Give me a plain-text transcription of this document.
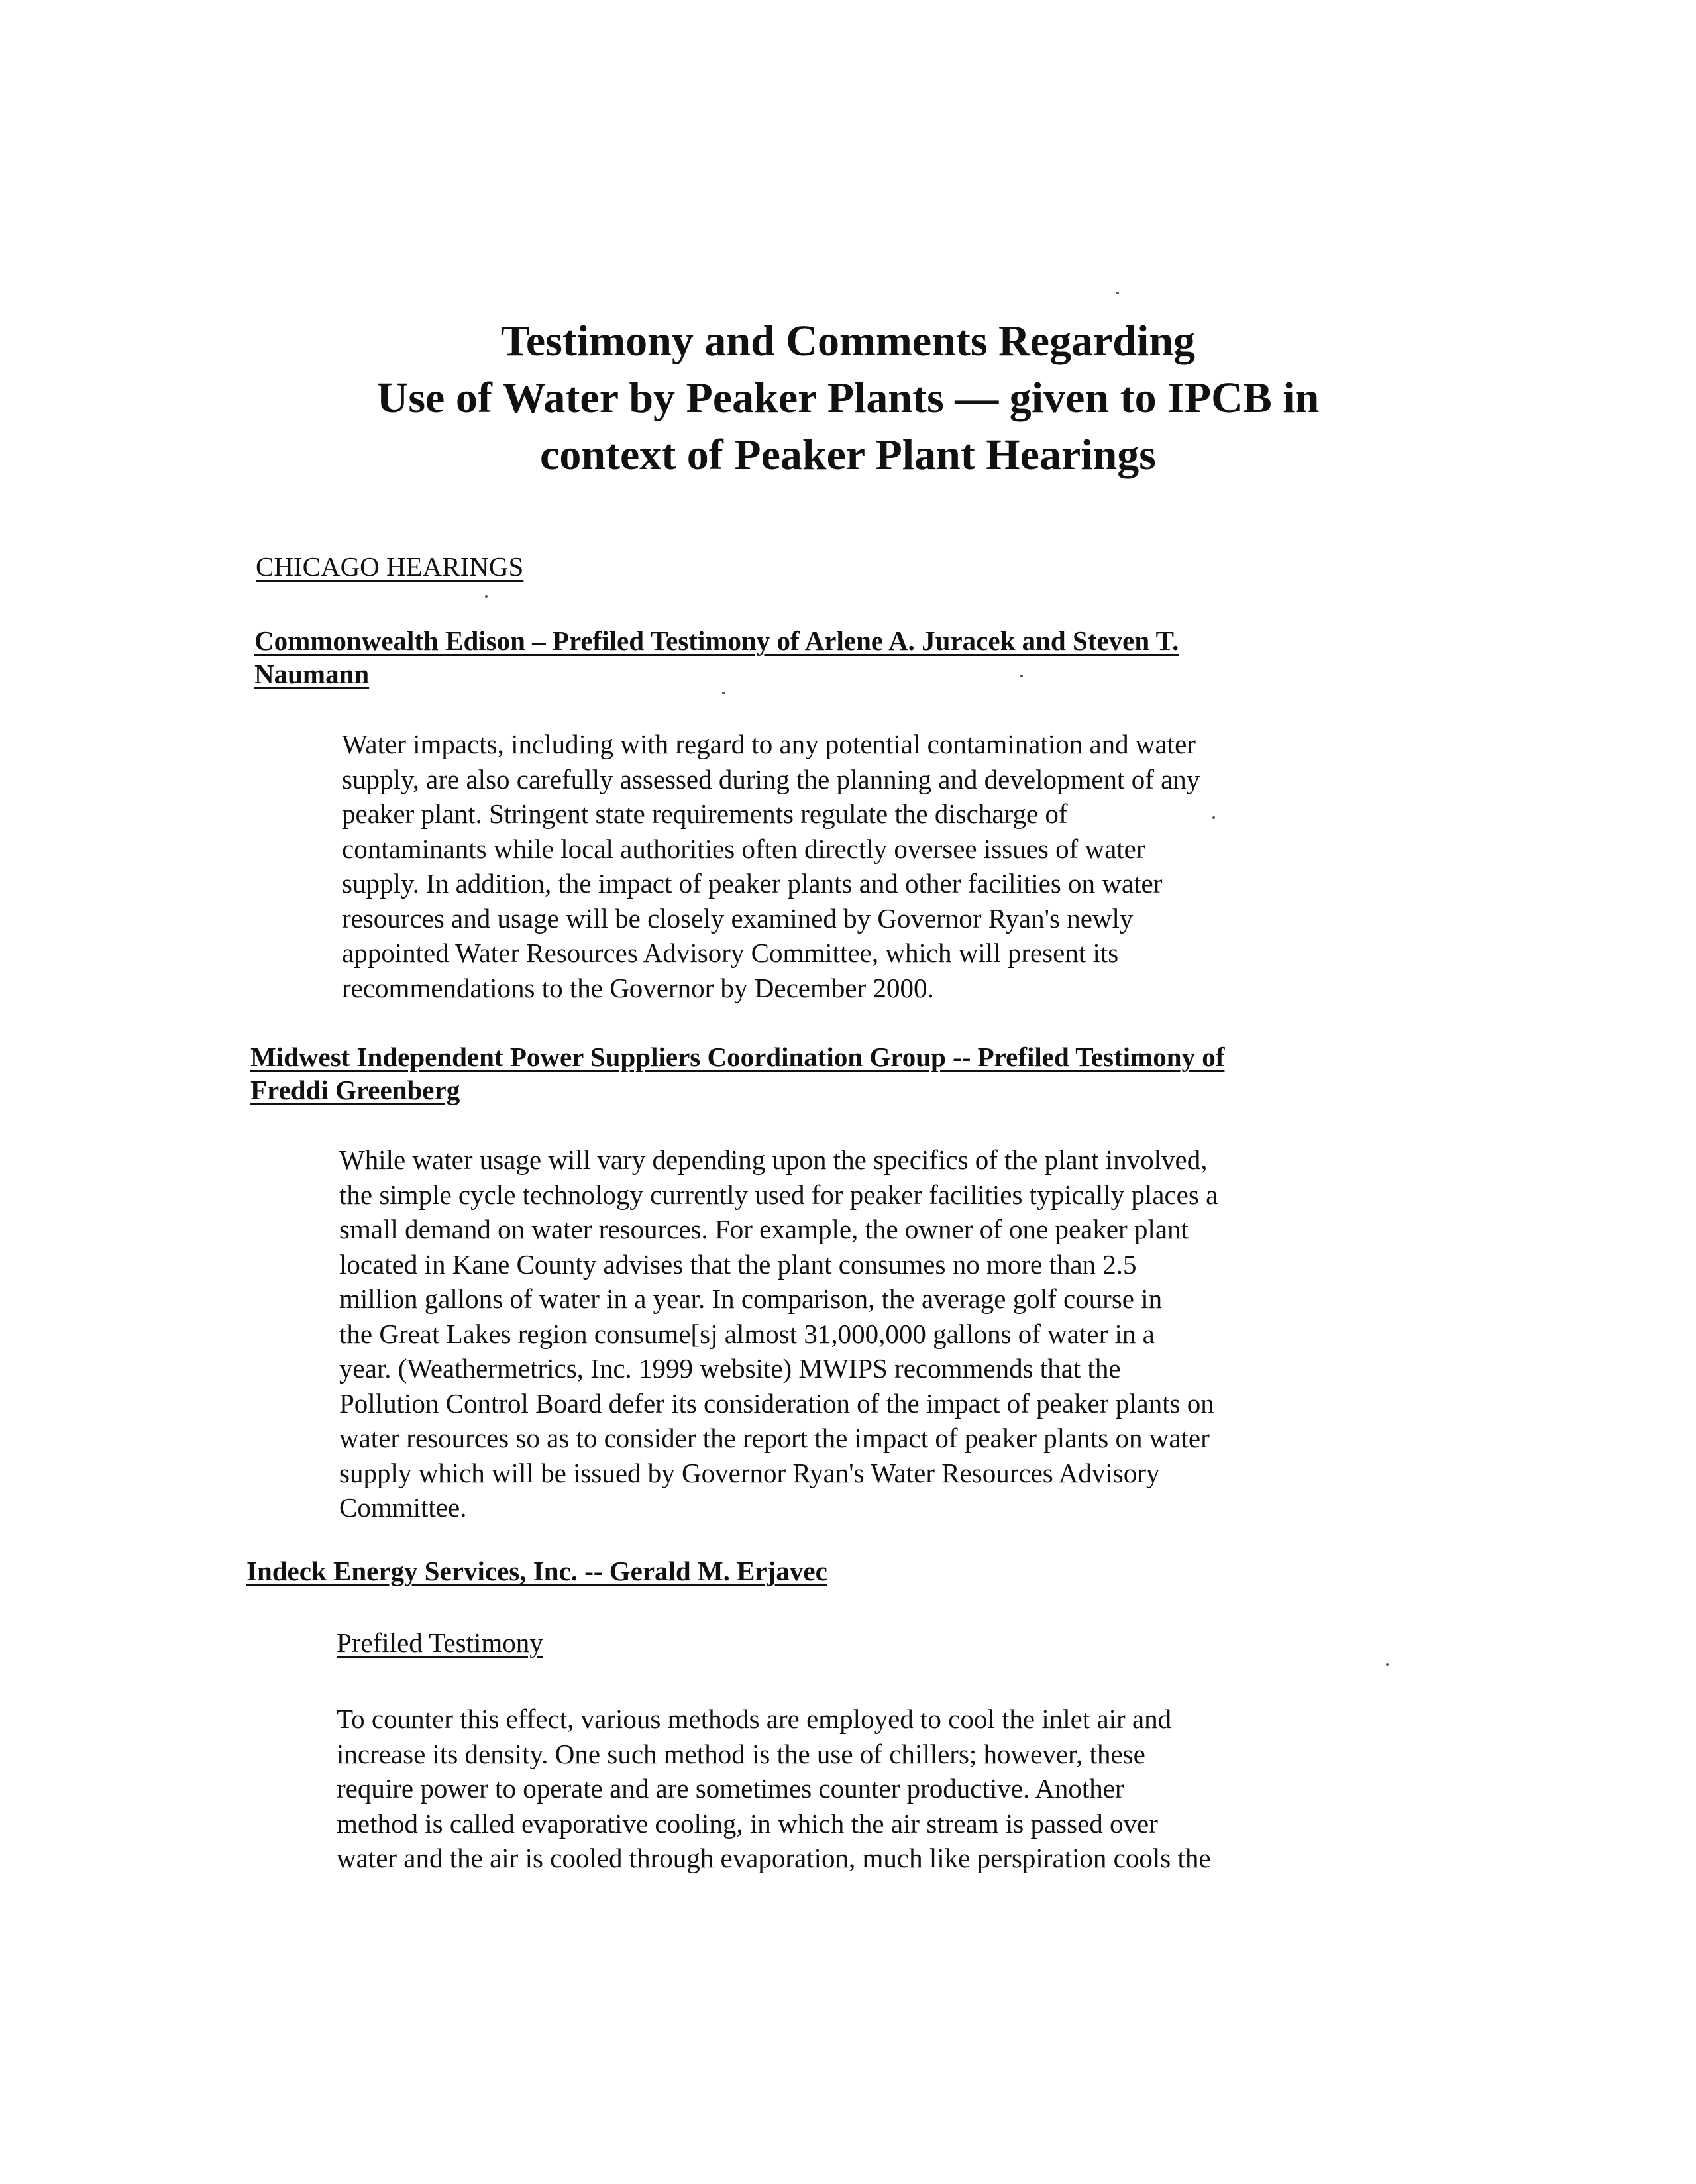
Testimony and Comments Regarding
Use of Water by Peaker Plants — given to IPCB in
context of Peaker Plant Hearings
CHICAGO HEARINGS
Commonwealth Edison – Prefiled Testimony of Arlene A. Juracek and Steven T.
Naumann
Water impacts, including with regard to any potential contamination and water
supply, are also carefully assessed during the planning and development of any
peaker plant. Stringent state requirements regulate the discharge of
contaminants while local authorities often directly oversee issues of water
supply. In addition, the impact of peaker plants and other facilities on water
resources and usage will be closely examined by Governor Ryan's newly
appointed Water Resources Advisory Committee, which will present its
recommendations to the Governor by December 2000.
Midwest Independent Power Suppliers Coordination Group -- Prefiled Testimony of
Freddi Greenberg
While water usage will vary depending upon the specifics of the plant involved,
the simple cycle technology currently used for peaker facilities typically places a
small demand on water resources. For example, the owner of one peaker plant
located in Kane County advises that the plant consumes no more than 2.5
million gallons of water in a year. In comparison, the average golf course in
the Great Lakes region consume[sj almost 31,000,000 gallons of water in a
year. (Weathermetrics, Inc. 1999 website) MWIPS recommends that the
Pollution Control Board defer its consideration of the impact of peaker plants on
water resources so as to consider the report the impact of peaker plants on water
supply which will be issued by Governor Ryan's Water Resources Advisory
Committee.
Indeck Energy Services, Inc. -- Gerald M. Erjavec
Prefiled Testimony
To counter this effect, various methods are employed to cool the inlet air and
increase its density. One such method is the use of chillers; however, these
require power to operate and are sometimes counter productive. Another
method is called evaporative cooling, in which the air stream is passed over
water and the air is cooled through evaporation, much like perspiration cools the
